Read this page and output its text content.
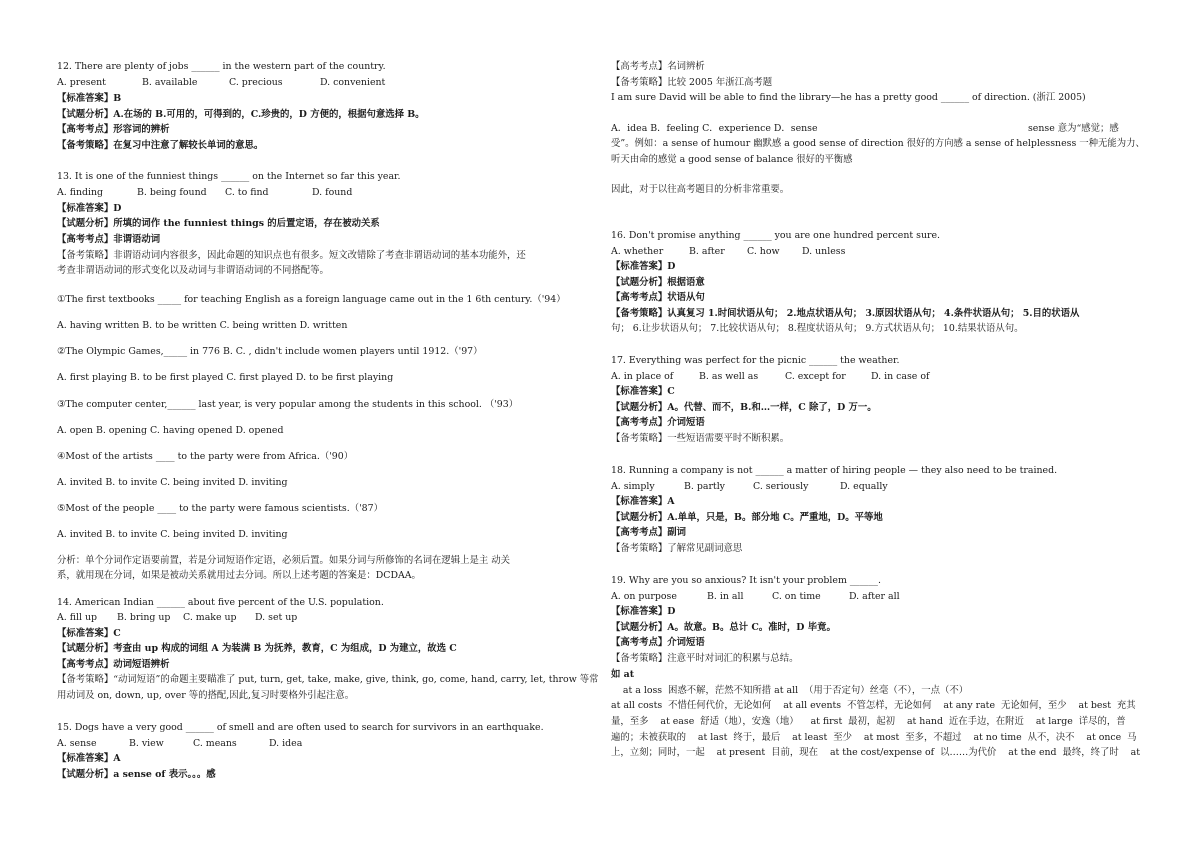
12. There are plenty of jobs ______ in the western part of the country.
A. present	B. available	C. precious	D. convenient
【标准答案】B
【试题分析】A.在场的 B.可用的，可得到的，C.珍贵的，D 方便的，根据句意选择 B。
【高考考点】形容词的辨析
【备考策略】在复习中注意了解较长单词的意思。
13. It is one of the funniest things ______ on the Internet so far this year.
A. finding	B. being found C. to find	D. found
【标准答案】D
【试题分析】所填的词作 the funniest things 的后置定语，存在被动关系
【高考考点】非谓语动词
【备考策略】非谓语动词内容很多，因此命题的知识点也有很多。短文改错除了考查非谓语动词的基本功能外，还
考查非谓语动词的形式变化以及动词与非谓语动词的不同搭配等。
①The first textbooks _____ for teaching English as a foreign language came out in the 1 6th century.（'94）
A. having written B. to be written C. being written D. written
②The Olympic Games,_____ in 776 B. C. , didn't include women players until 1912.（'97）
A. first playing B. to be first played C. first played D. to be first playing
③The computer center,______ last year, is very popular among the students in this school. （'93）
A. open B. opening C. having opened D. opened
④Most of the artists ____ to the party were from Africa.（'90）
A. invited B. to invite C. being invited D. inviting
⑤Most of the people ____ to the party were famous scientists.（'87）
A. invited B. to invite C. being invited D. inviting
分析：单个分词作定语要前置，若是分词短语作定语，必须后置。如果分词与所修饰的名词在逻辑上是主 动关
系，就用现在分词，如果是被动关系就用过去分词。所以上述考题的答案是：DCDAA。
14. American Indian ______ about five percent of the U.S. population.
A. fill up B. bring up C. make up D. set up
【标准答案】C
【试题分析】考查由 up 构成的词组 A 为装满 B 为抚养，教育，C 为组成，D 为建立，故选 C
【高考考点】动词短语辨析
【备考策略】“动词短语”的命题主要瞄准了 put, turn, get, take, make, give, think, go, come, hand, carry, let, throw 等常
用动词及 on, down, up, over 等的搭配,因此,复习时要格外引起注意。
15. Dogs have a very good ______ of smell and are often used to search for survivors in an earthquake.
A. sense	B. view	C. means	D. idea
【标准答案】A
【试题分析】a sense of 表示。。。感
【高考考点】名词辨析
【备考策略】比较 2005 年浙江高考题
I am sure David will be able to find the library—he has a pretty good ______ of direction. (浙江 2005)
A．idea B．feeling C．experience D．sense	sense 意为“感觉；感
受”。例如：a sense of humour 幽默感 a good sense of direction 很好的方向感 a sense of helplessness 一种无能为力、
听天由命的感觉 a good sense of balance 很好的平衡感
因此，对于以往高考题目的分析非常重要。
16. Don't promise anything ______ you are one hundred percent sure.
A. whether	B. after C. how D. unless
【标准答案】D
【试题分析】根据语意
【高考考点】状语从句
【备考策略】认真复习 1.时间状语从句； 2.地点状语从句； 3.原因状语从句； 4.条件状语从句； 5.目的状语从
句； 6.让步状语从句； 7.比较状语从句； 8.程度状语从句； 9.方式状语从句； 10.结果状语从句。
17. Everything was perfect for the picnic ______ the weather.
A. in place of	B. as well as	C. except for	D. in case of
【标准答案】C
【试题分析】A。代替、而不，B.和…一样，C 除了，D 万一。
【高考考点】介词短语
【备考策略】一些短语需要平时不断积累。
18. Running a company is not ______ a matter of hiring people — they also need to be trained.
A. simply	B. partly	C. seriously	D. equally
【标准答案】A
【试题分析】A.单单，只是，B。部分地 C。严重地，D。平等地
【高考考点】副词
【备考策略】了解常见副词意思
19. Why are you so anxious? It isn't your problem ______.
A. on purpose	B. in all	C. on time	D. after all
【标准答案】D
【试题分析】A。故意。B。总计 C。准时，D 毕竟。
【高考考点】介词短语
【备考策略】注意平时对词汇的积累与总结。
如 at
at a loss  困惑不解，茫然不知所措 at all  （用于否定句）丝毫（不），一点（不）
at all costs  不惜任何代价，无论如何    at all events  不管怎样，无论如何    at any rate  无论如何，至少    at best  充其
量，至多    at ease  舒适（地），安逸（地）    at first  最初，起初    at hand  近在手边，在附近    at large  详尽的，普
遍的；未被获取的    at last  终于，最后    at least  至少    at most  至多，不超过    at no time  从不，决不    at once  马
上，立刻；同时，一起    at present  目前，现在    at the cost/expense of  以……为代价    at the end  最终，终了时    at
